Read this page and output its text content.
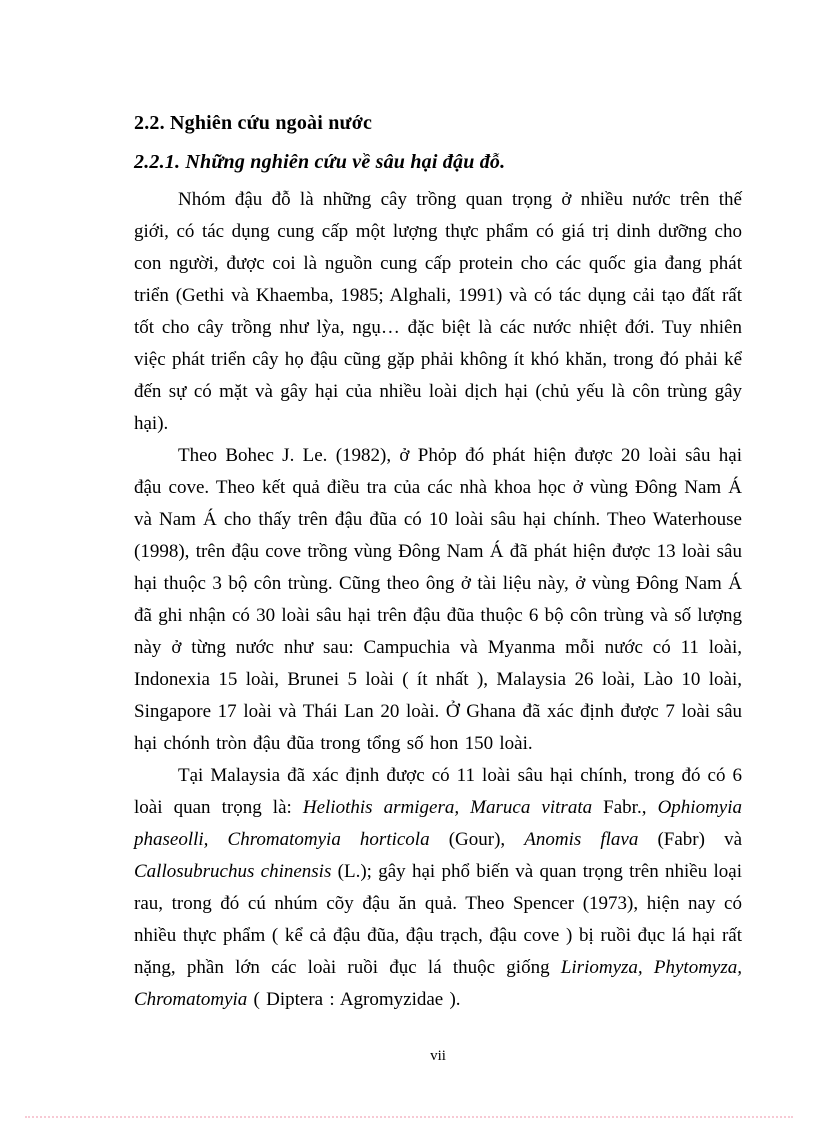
2.2. Nghiên cứu ngoài nước
2.2.1. Những nghiên cứu về sâu hại đậu đỗ.

Nhóm đậu đỗ là những cây trồng quan trọng ở nhiều nước trên thế giới, có tác dụng cung cấp một lượng thực phẩm có giá trị dinh dưỡng cho con người, được coi là nguồn cung cấp protein cho các quốc gia đang phát triển (Gethi và Khaemba, 1985; Alghali, 1991) và có tác dụng cải tạo đất rất tốt cho cây trồng như lỳa, ngụ… đặc biệt là các nước nhiệt đới. Tuy nhiên việc phát triển cây họ đậu cũng gặp phải không ít khó khăn, trong đó phải kể đến sự có mặt và gây hại của nhiều loài dịch hại (chủ yếu là côn trùng gây hại).

Theo Bohec J. Le. (1982), ở Phỏp đó phát hiện được 20 loài sâu hại đậu cove. Theo kết quả điều tra của các nhà khoa học ở vùng Đông Nam Á và Nam Á cho thấy trên đậu đũa có 10 loài sâu hại chính. Theo Waterhouse (1998), trên đậu cove trồng vùng Đông Nam Á đã phát hiện được 13 loài sâu hại thuộc 3 bộ côn trùng. Cũng theo ông ở tài liệu này, ở vùng Đông Nam Á đã ghi nhận có 30 loài sâu hại trên đậu đũa thuộc 6 bộ côn trùng và số lượng này ở từng nước như sau: Campuchia và Myanma mỗi nước có 11 loài, Indonexia 15 loài, Brunei 5 loài ( ít nhất ), Malaysia 26 loài, Lào 10 loài, Singapore 17 loài và Thái Lan 20 loài. Ở Ghana đã xác định được 7 loài sâu hại chónh tròn đậu đũa trong tổng số hon 150 loài.

Tại Malaysia đã xác định được có 11 loài sâu hại chính, trong đó có 6 loài quan trọng là: Heliothis armigera, Maruca vitrata Fabr., Ophiomyia phaseolli, Chromatomyia horticola (Gour), Anomis flava (Fabr) và Callosubruchus chinensis (L.); gây hại phổ biến và quan trọng trên nhiều loại rau, trong đó cú nhúm cõy đậu ăn quả. Theo Spencer (1973), hiện nay có nhiều thực phẩm ( kể cả đậu đũa, đậu trạch, đậu cove ) bị ruồi đục lá hại rất nặng, phần lớn các loài ruồi đục lá thuộc giống Liriomyza, Phytomyza, Chromatomyia ( Diptera : Agromyzidae ).

vii
